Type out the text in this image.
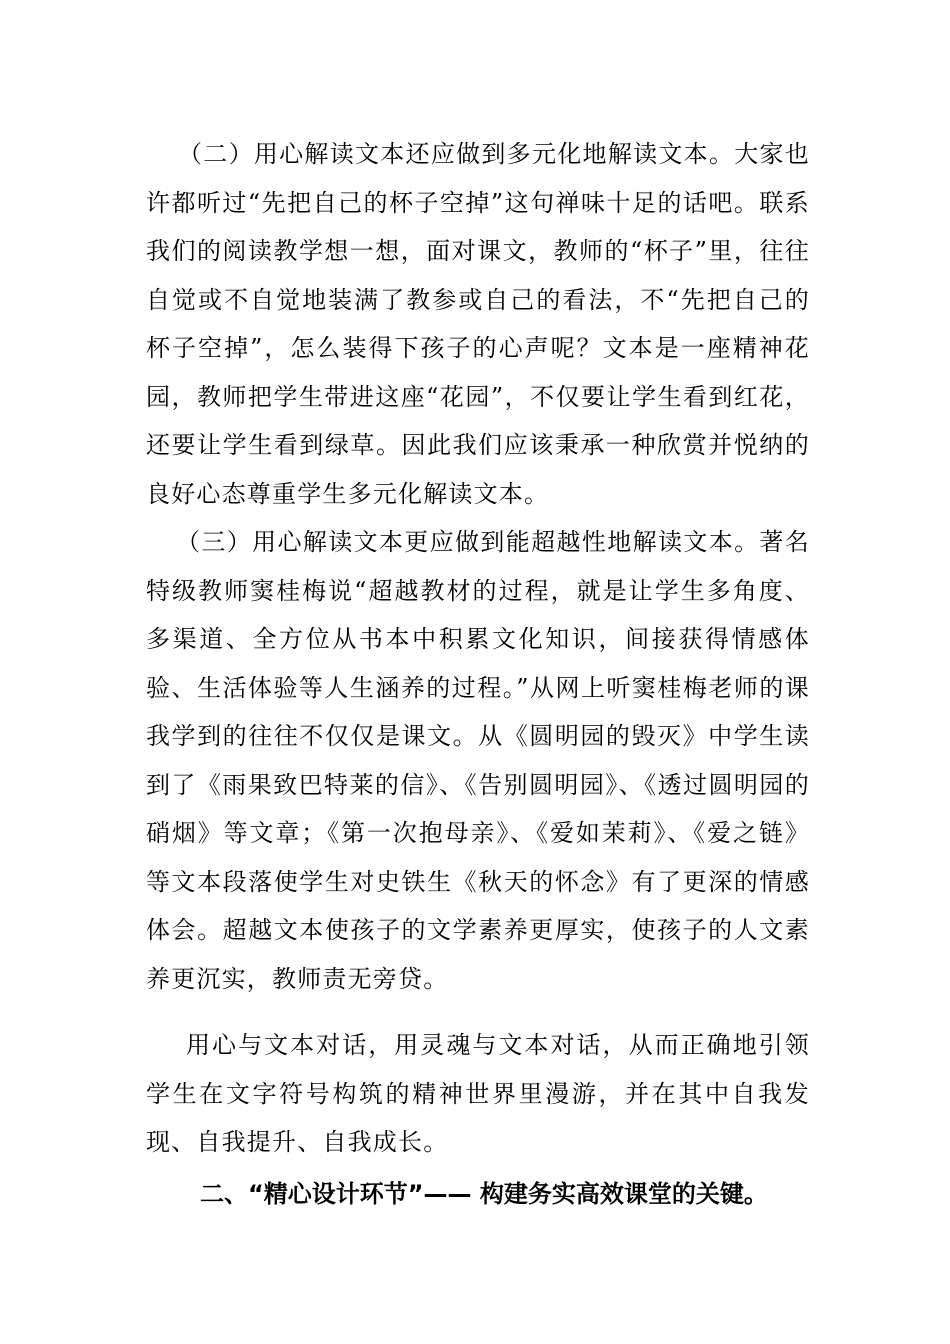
（二）用心解读文本还应做到多元化地解读文本。大家也许都听过“先把自己的杯子空掉”这句禅味十足的话吧。联系我们的阅读教学想一想，面对课文，教师的“杯子”里，往往自觉或不自觉地装满了教参或自己的看法，不“先把自己的杯子空掉”，怎么装得下孩子的心声呢？文本是一座精神花园，教师把学生带进这座“花园”，不仅要让学生看到红花，还要让学生看到绿草。因此我们应该秉承一种欣赏并悦纳的良好心态尊重学生多元化解读文本。

（三）用心解读文本更应做到能超越性地解读文本。著名特级教师窦桂梅说“超越教材的过程，就是让学生多角度、多渠道、全方位从书本中积累文化知识，间接获得情感体验、生活体验等人生涵养的过程。”从网上听窦桂梅老师的课我学到的往往不仅仅是课文。从《圆明园的毁灭》中学生读到了《雨果致巴特莱的信》、《告别圆明园》、《透过圆明园的硝烟》等文章；《第一次抱母亲》、《爱如茉莉》、《爱之链》等文本段落使学生对史铁生《秋天的怀念》有了更深的情感体会。超越文本使孩子的文学素养更厚实，使孩子的人文素养更沉实，教师责无旁贷。

用心与文本对话，用灵魂与文本对话，从而正确地引领学生在文字符号构筑的精神世界里漫游，并在其中自我发现、自我提升、自我成长。

二、“精心设计环节”—— 构建务实高效课堂的关键。
